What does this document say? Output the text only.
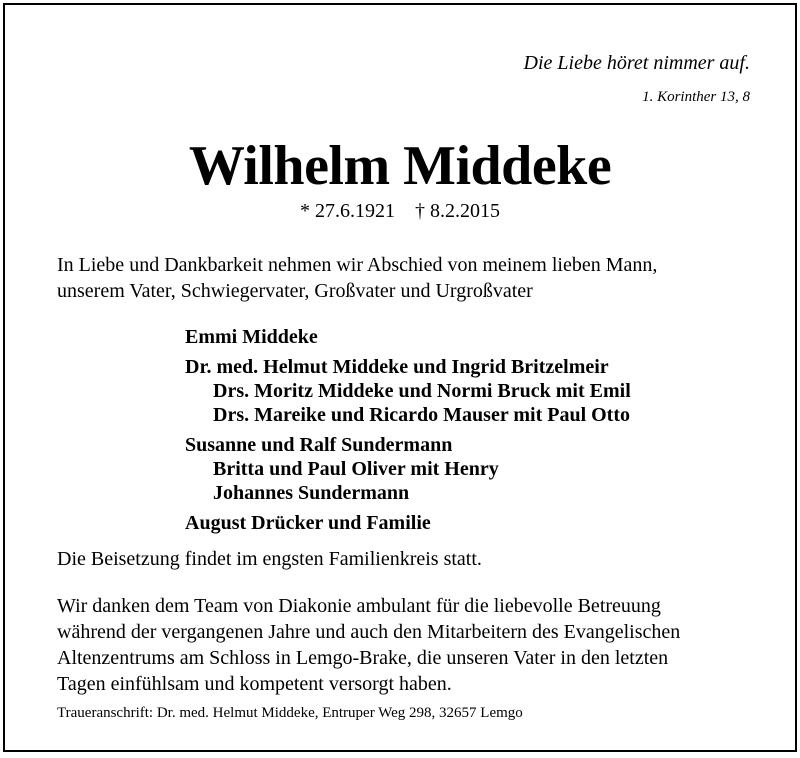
Die Liebe höret nimmer auf.
1. Korinther 13, 8
Wilhelm Middeke
* 27.6.1921    † 8.2.2015
In Liebe und Dankbarkeit nehmen wir Abschied von meinem lieben Mann,
unserem Vater, Schwiegervater, Großvater und Urgroßvater
Emmi Middeke
Dr. med. Helmut Middeke und Ingrid Britzelmeir
Drs. Moritz Middeke und Normi Bruck mit Emil
Drs. Mareike und Ricardo Mauser mit Paul Otto
Susanne und Ralf Sundermann
Britta und Paul Oliver mit Henry
Johannes Sundermann
August Drücker und Familie
Die Beisetzung findet im engsten Familienkreis statt.
Wir danken dem Team von Diakonie ambulant für die liebevolle Betreuung
während der vergangenen Jahre und auch den Mitarbeitern des Evangelischen
Altenzentrums am Schloss in Lemgo-Brake, die unseren Vater in den letzten
Tagen einfühlsam und kompetent versorgt haben.
Traueranschrift: Dr. med. Helmut Middeke, Entruper Weg 298, 32657 Lemgo
